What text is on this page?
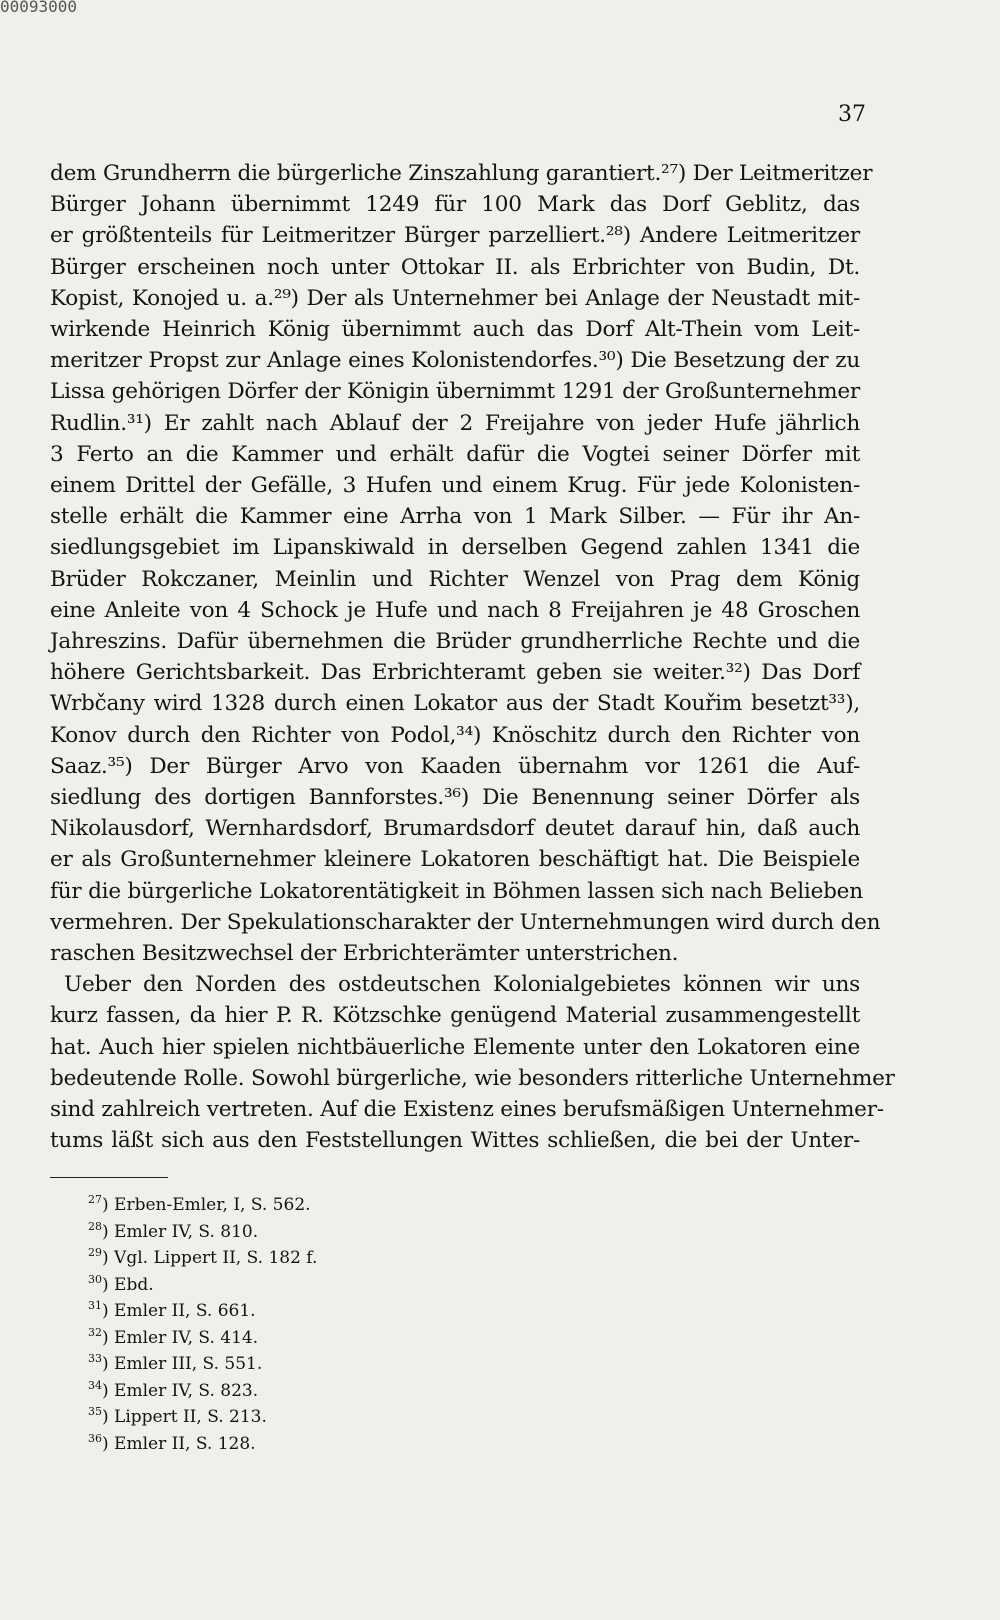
00093000
37
dem Grundherrn die bürgerliche Zinszahlung garantiert.²⁷) Der Leitmeritzer
Bürger Johann übernimmt 1249 für 100 Mark das Dorf Geblitz, das
er größtenteils für Leitmeritzer Bürger parzelliert.²⁸) Andere Leitmeritzer
Bürger erscheinen noch unter Ottokar II. als Erbrichter von Budin, Dt.
Kopist, Konojed u. a.²⁹) Der als Unternehmer bei Anlage der Neustadt mit-
wirkende Heinrich König übernimmt auch das Dorf Alt-Thein vom Leit-
meritzer Propst zur Anlage eines Kolonistendorfes.³⁰) Die Besetzung der zu
Lissa gehörigen Dörfer der Königin übernimmt 1291 der Großunternehmer
Rudlin.³¹) Er zahlt nach Ablauf der 2 Freijahre von jeder Hufe jährlich
3 Ferto an die Kammer und erhält dafür die Vogtei seiner Dörfer mit
einem Drittel der Gefälle, 3 Hufen und einem Krug. Für jede Kolonisten-
stelle erhält die Kammer eine Arrha von 1 Mark Silber. — Für ihr An-
siedlungsgebiet im Lipanskiwald in derselben Gegend zahlen 1341 die
Brüder Rokczaner, Meinlin und Richter Wenzel von Prag dem König
eine Anleite von 4 Schock je Hufe und nach 8 Freijahren je 48 Groschen
Jahreszins. Dafür übernehmen die Brüder grundherrliche Rechte und die
höhere Gerichtsbarkeit. Das Erbrichteramt geben sie weiter.³²) Das Dorf
Wrbčany wird 1328 durch einen Lokator aus der Stadt Kouřim besetzt³³),
Konov durch den Richter von Podol,³⁴) Knöschitz durch den Richter von
Saaz.³⁵) Der Bürger Arvo von Kaaden übernahm vor 1261 die Auf-
siedlung des dortigen Bannforstes.³⁶) Die Benennung seiner Dörfer als
Nikolausdorf, Wernhardsdorf, Brumardsdorf deutet darauf hin, daß auch
er als Großunternehmer kleinere Lokatoren beschäftigt hat. Die Beispiele
für die bürgerliche Lokatorentätigkeit in Böhmen lassen sich nach Belieben
vermehren. Der Spekulationscharakter der Unternehmungen wird durch den
raschen Besitzwechsel der Erbrichterämter unterstrichen.
Ueber den Norden des ostdeutschen Kolonialgebietes können wir uns
kurz fassen, da hier P. R. Kötzschke genügend Material zusammengestellt
hat. Auch hier spielen nichtbäuerliche Elemente unter den Lokatoren eine
bedeutende Rolle. Sowohl bürgerliche, wie besonders ritterliche Unternehmer
sind zahlreich vertreten. Auf die Existenz eines berufsmäßigen Unternehmer-
tums läßt sich aus den Feststellungen Wittes schließen, die bei der Unter-
$^{27}$) Erben-Emler, I, S. 562.
$^{28}$) Emler IV, S. 810.
$^{29}$) Vgl. Lippert II, S. 182 f.
$^{30}$) Ebd.
$^{31}$) Emler II, S. 661.
$^{32}$) Emler IV, S. 414.
$^{33}$) Emler III, S. 551.
$^{34}$) Emler IV, S. 823.
$^{35}$) Lippert II, S. 213.
$^{36}$) Emler II, S. 128.
